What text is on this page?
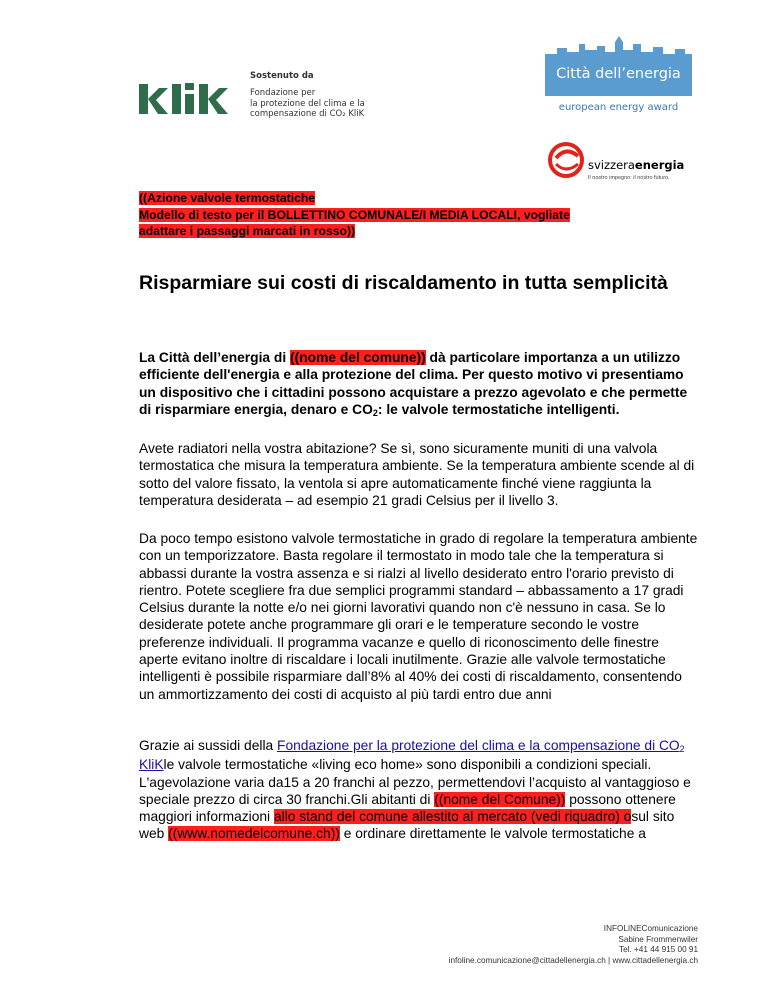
Sostenuto da
Fondazione per
la protezione del clima e la
compensazione di CO₂ KliK
Città dell’energia
european energy award
svizzeraenergia
Il nostro impegno: il nostro futuro.
((Azione valvole termostatiche
Modello di testo per il BOLLETTINO COMUNALE/I MEDIA LOCALI, vogliate
adattare i passaggi marcati in rosso))
Risparmiare sui costi di riscaldamento in tutta semplicità
La Città dell’energia di ((nome del comune)) dà particolare importanza a un utilizzo efficiente dell'energia e alla protezione del clima. Per questo motivo vi presentiamo un dispositivo che i cittadini possono acquistare a prezzo agevolato e che permette di risparmiare energia, denaro e $CO_2$: le valvole termostatiche intelligenti.
Avete radiatori nella vostra abitazione? Se sì, sono sicuramente muniti di una valvola termostatica che misura la temperatura ambiente. Se la temperatura ambiente scende al di sotto del valore fissato, la ventola si apre automaticamente finché viene raggiunta la temperatura desiderata – ad esempio 21 gradi Celsius per il livello 3.
Da poco tempo esistono valvole termostatiche in grado di regolare la temperatura ambiente con un temporizzatore. Basta regolare il termostato in modo tale che la temperatura si abbassi durante la vostra assenza e si rialzi al livello desiderato entro l'orario previsto di rientro. Potete scegliere fra due semplici programmi standard – abbassamento a 17 gradi Celsius durante la notte e/o nei giorni lavorativi quando non c'è nessuno in casa. Se lo desiderate potete anche programmare gli orari e le temperature secondo le vostre preferenze individuali. Il programma vacanze e quello di riconoscimento delle finestre aperte evitano inoltre di riscaldare i locali inutilmente. Grazie alle valvole termostatiche intelligenti è possibile risparmiare dall’8% al 40% dei costi di riscaldamento, consentendo un ammortizzamento dei costi di acquisto al più tardi entro due anni
Grazie ai sussidi della Fondazione per la protezione del clima e la compensazione di $CO_2$ KliKle valvole termostatiche «living eco home» sono disponibili a condizioni speciali. L'agevolazione varia da15 a 20 franchi al pezzo, permettendovi l’acquisto al vantaggioso e speciale prezzo di circa 30 franchi.Gli abitanti di ((nome del Comune)) possono ottenere maggiori informazioni allo stand del comune allestito al mercato (vedi riquadro) osul sito web ((www.nomedelcomune.ch)) e ordinare direttamente le valvole termostatiche a
INFOLINEComunicazione
Sabine Frommenwiler
Tel. +41 44 915 00 91
infoline.comunicazione@cittadellenergia.ch | www.cittadellenergia.ch
